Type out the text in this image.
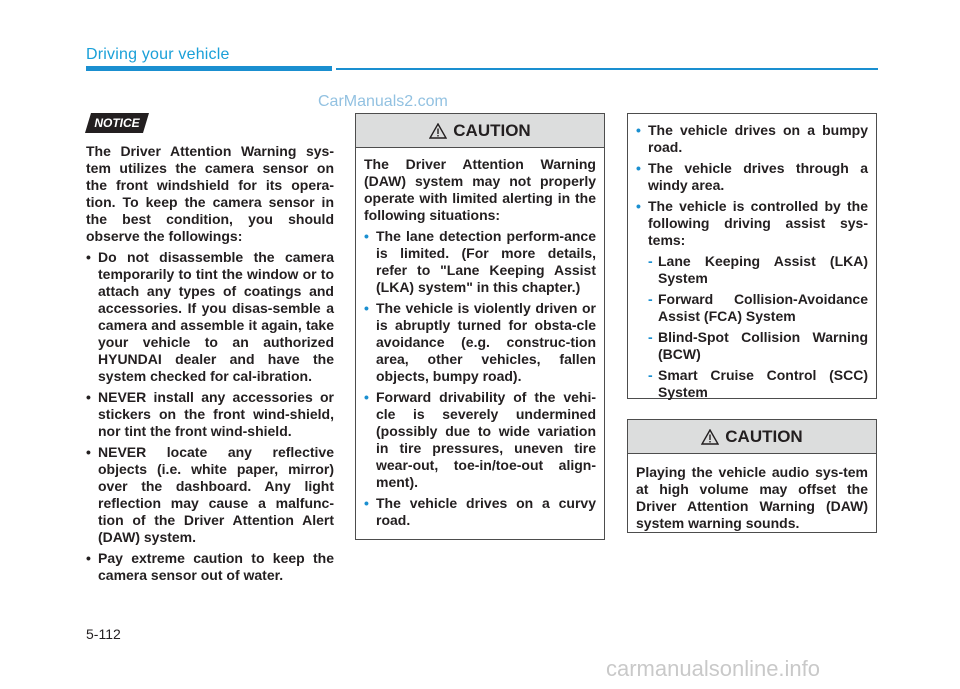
Driving your vehicle
CarManuals2.com
NOTICE

The Driver Attention Warning sys-tem utilizes the camera sensor on the front windshield for its opera-tion. To keep the camera sensor in the best condition, you should observe the followings:

• Do not disassemble the camera temporarily to tint the window or to attach any types of coatings and accessories. If you disas-semble a camera and assemble it again, take your vehicle to an authorized HYUNDAI dealer and have the system checked for cal-ibration.
• NEVER install any accessories or stickers on the front wind-shield, nor tint the front wind-shield.
• NEVER locate any reflective objects (i.e. white paper, mirror) over the dashboard. Any light reflection may cause a malfunc-tion of the Driver Attention Alert (DAW) system.
• Pay extreme caution to keep the camera sensor out of water.
CAUTION

The Driver Attention Warning (DAW) system may not properly operate with limited alerting in the following situations:

• The lane detection perform-ance is limited. (For more details, refer to "Lane Keeping Assist (LKA) system" in this chapter.)
• The vehicle is violently driven or is abruptly turned for obsta-cle avoidance (e.g. construc-tion area, other vehicles, fallen objects, bumpy road).
• Forward drivability of the vehi-cle is severely undermined (possibly due to wide variation in tire pressures, uneven tire wear-out, toe-in/toe-out align-ment).
• The vehicle drives on a curvy road.
• The vehicle drives on a bumpy road.
• The vehicle drives through a windy area.
• The vehicle is controlled by the following driving assist sys-tems:
- Lane Keeping Assist (LKA) System
- Forward Collision-Avoidance Assist (FCA) System
- Blind-Spot Collision Warning (BCW)
- Smart Cruise Control (SCC) System
CAUTION

Playing the vehicle audio sys-tem at high volume may offset the Driver Attention Warning (DAW) system warning sounds.

5-112
carmanualsonline.info
